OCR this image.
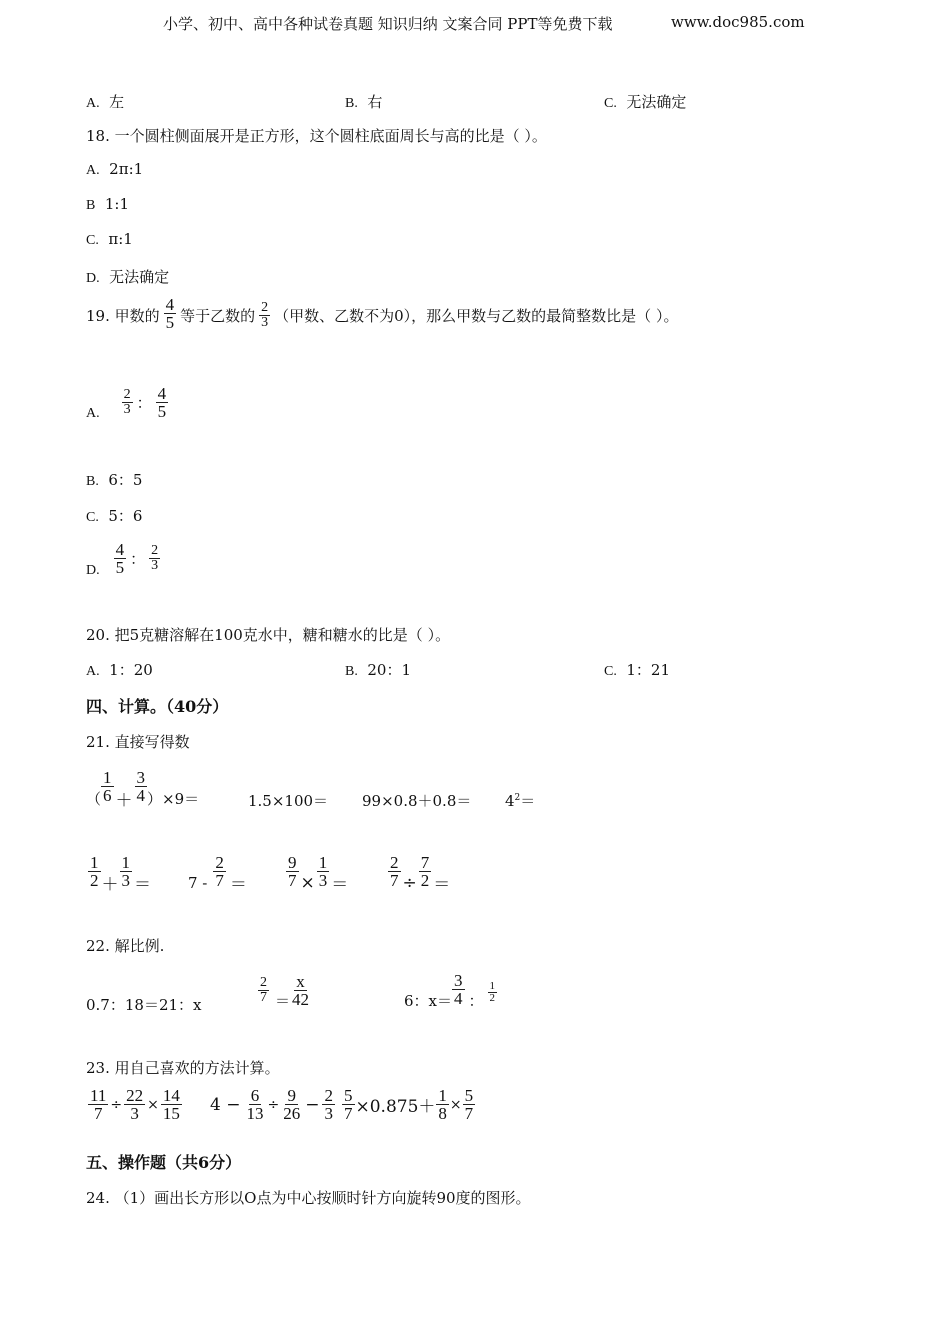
小学、初中、高中各种试卷真题 知识归纳 文案合同 PPT等免费下载	www.doc985.com
A. 左	B. 右	C. 无法确定
18. 一个圆柱侧面展开是正方形，这个圆柱底面周长与高的比是（ ）。
A. 2π:1
B 1:1
C. π:1
D. 无法确定
19. 甲数的 $\frac{4}{5}$ 等于乙数的 $\frac{2}{3}$ （甲数、乙数不为0），那么甲数与乙数的最简整数比是（ ）。
A. $\frac{2}{3}$ ： $\frac{4}{5}$
B. 6：5
C. 5：6
D. $\frac{4}{5}$ ： $\frac{2}{3}$
20. 把5克糖溶解在100克水中，糖和糖水的比是（ ）。
A. 1：20	B. 20：1	C. 1：21
四、计算。（40分）
21. 直接写得数
（ $\frac{1}{6} + \frac{3}{4} )\times 9=$	$1.5\times 100= 99\times 0.8+0.8= 4^2=$
$\frac{1}{2} + \frac{1}{3} = 7 - \frac{2}{7} = \frac{9}{7} \times \frac{1}{3} = \frac{2}{7} \div \frac{7}{2}$ ＝
22. 解比例.
0.7：18＝21：x	$\frac{2}{7} = \frac{x}{42}$	6：$x= \frac{3}{4}$ ： $\frac{1}{2}$
23. 用自己喜欢的方法计算。
$\frac{11}{7} \div \frac{22}{3} \times \frac{14}{15} 4 - \frac{6}{13} \div \frac{9}{26} - \frac{2}{3} \frac{5}{7} \times 0.875+ \frac{1}{8} \times \frac{5}{7}$
五、操作题（共6分）
24. （1）画出长方形以O点为中心按顺时针方向旋转90度的图形。
